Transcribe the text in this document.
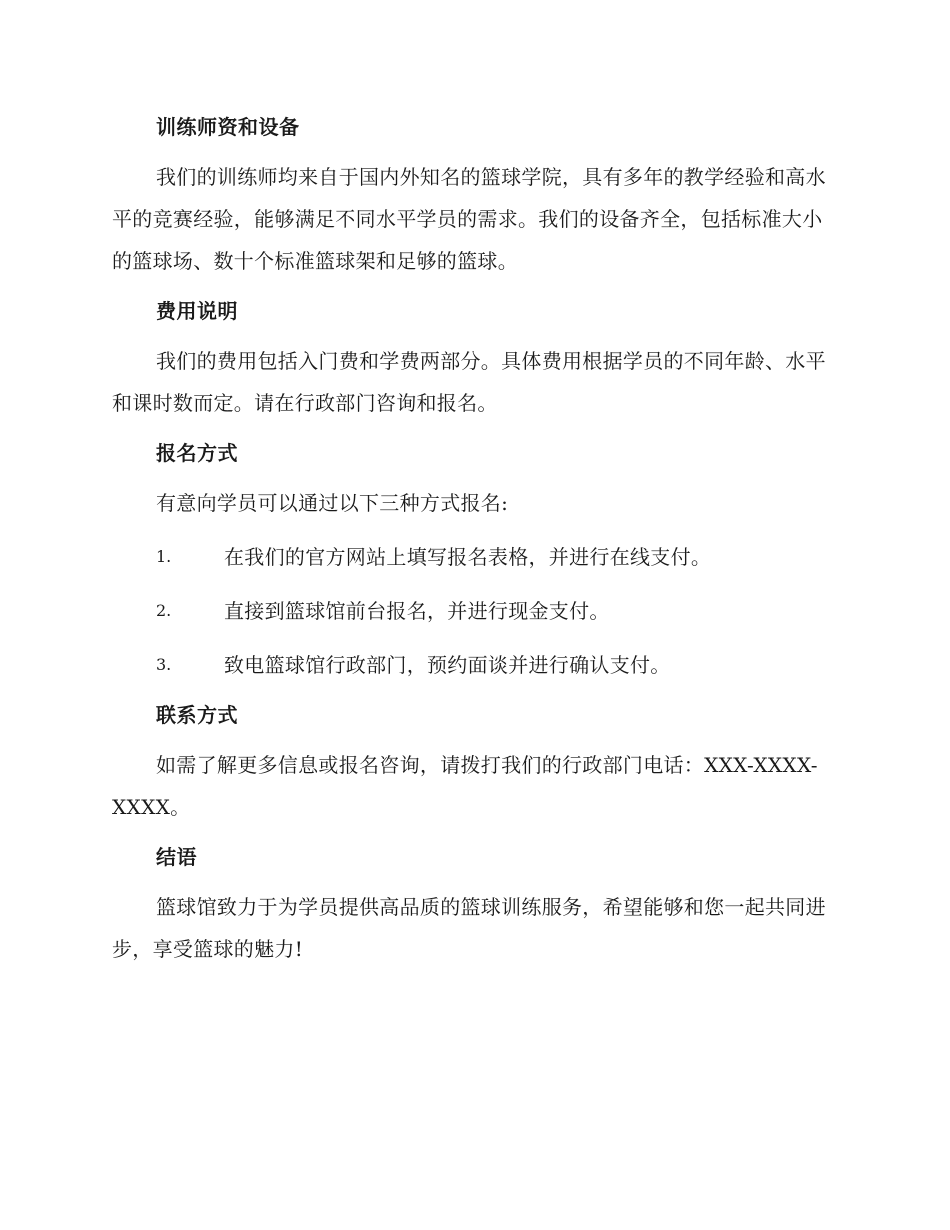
训练师资和设备

我们的训练师均来自于国内外知名的篮球学院，具有多年的教学经验和高水平的竞赛经验，能够满足不同水平学员的需求。我们的设备齐全，包括标准大小的篮球场、数十个标准篮球架和足够的篮球。

费用说明

我们的费用包括入门费和学费两部分。具体费用根据学员的不同年龄、水平和课时数而定。请在行政部门咨询和报名。

报名方式

有意向学员可以通过以下三种方式报名:

1.	在我们的官方网站上填写报名表格，并进行在线支付。
2.	直接到篮球馆前台报名，并进行现金支付。
3.	致电篮球馆行政部门，预约面谈并进行确认支付。
联系方式

如需了解更多信息或报名咨询，请拨打我们的行政部门电话：XXX-XXXX-XXXX。

结语

篮球馆致力于为学员提供高品质的篮球训练服务，希望能够和您一起共同进步，享受篮球的魅力!
